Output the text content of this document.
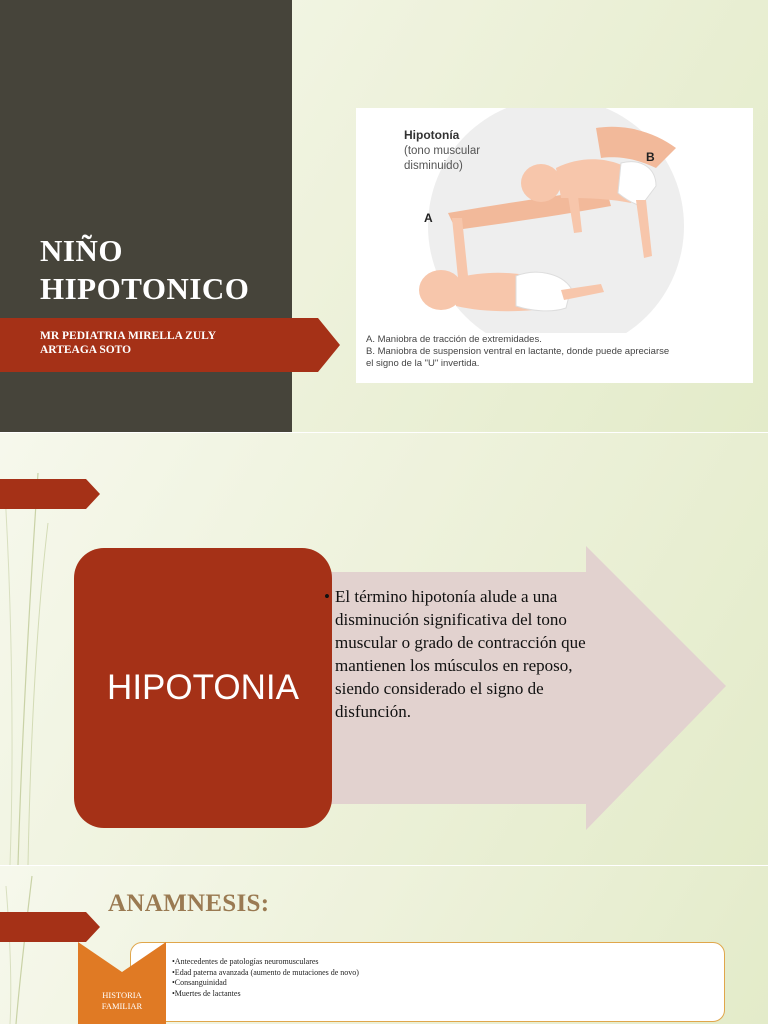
NIÑO
HIPOTONICO

MR PEDIATRIA MIRELLA ZULY
ARTEAGA SOTO

Hipotonía
(tono muscular
disminuido)
A
B
A. Maniobra de tracción de extremidades.
B. Maniobra de suspension ventral en lactante, donde puede apreciarse
el signo de la "U" invertida.
HIPOTONIA
• El término hipotonía alude a una disminución significativa del tono muscular o grado de contracción que mantienen los músculos en reposo, siendo considerado el signo de disfunción.
ANAMNESIS:
•Antecedentes de patologías neuromusculares
•Edad paterna avanzada (aumento de mutaciones de novo)
•Consanguinidad
•Muertes de lactantes
HISTORIA
FAMILIAR
